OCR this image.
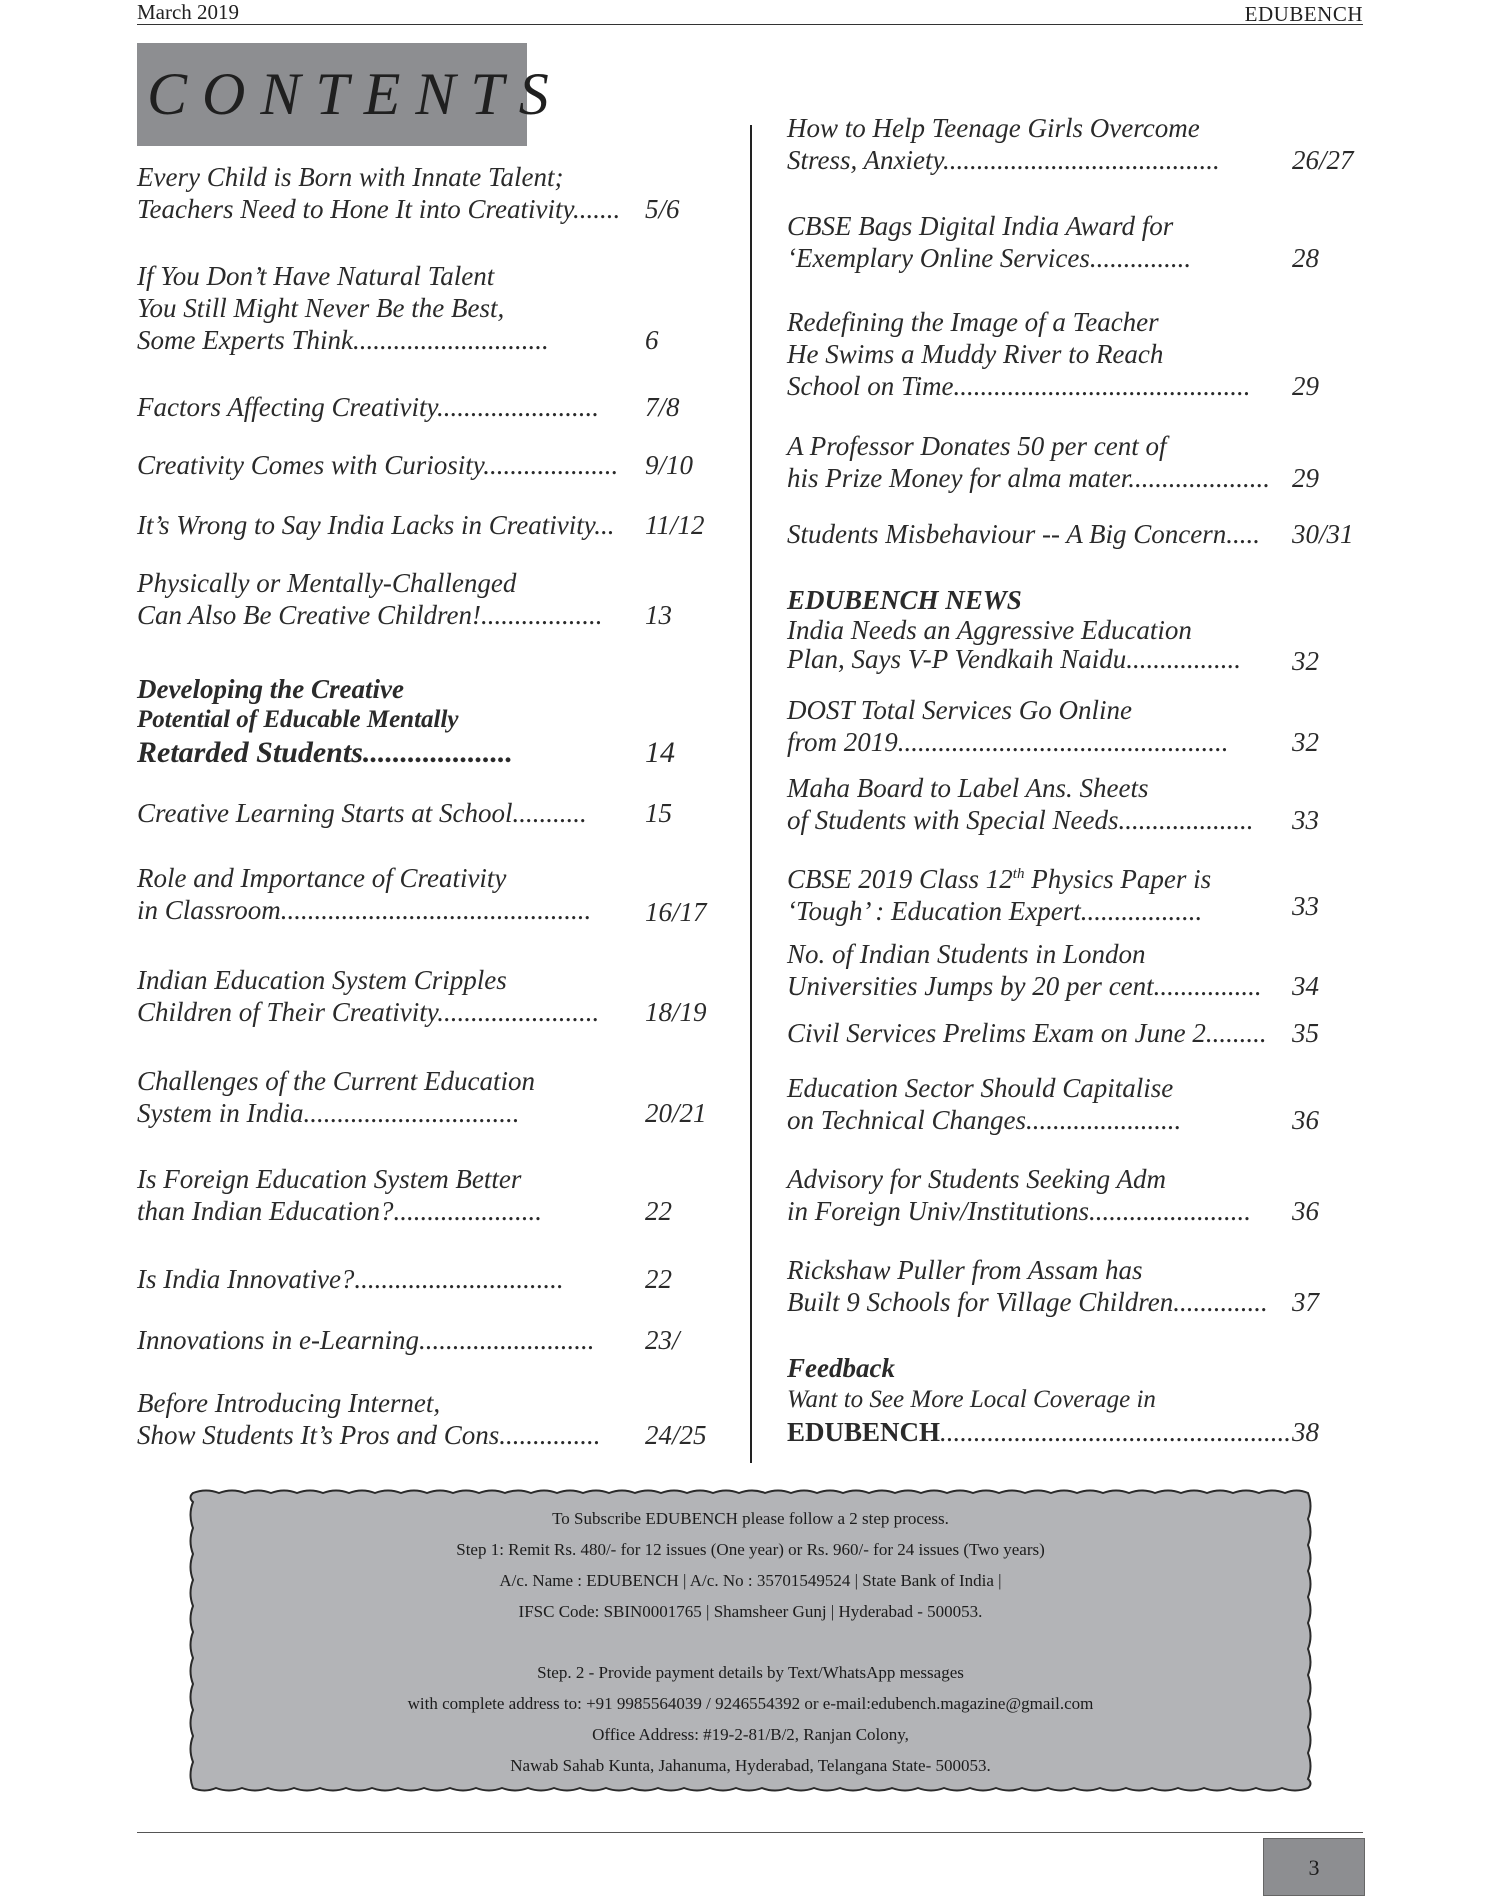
March 2019	EDUBENCH
CONTENTS
Every Child is Born with Innate Talent;
Teachers Need to Hone It into Creativity....... 5/6
If You Don’t Have Natural Talent
You Still Might Never Be the Best,
Some Experts Think.............................	6
Factors Affecting Creativity........................	7/8
Creativity Comes with Curiosity.................... 9/10
It’s Wrong to Say India Lacks in Creativity...	11/12
Physically or Mentally-Challenged
Can Also Be Creative Children!..................	13
Developing the Creative
Potential of Educable Mentally
Retarded Students....................	14
Creative Learning Starts at School...........	15
Role and Importance of Creativity
in Classroom..............................................	16/17
Indian Education System Cripples
Children of Their Creativity........................	18/19
Challenges of the Current Education
System in India................................	20/21
Is Foreign Education System Better
than Indian Education?......................	22
Is India Innovative?...............................	22
Innovations in e-Learning..........................	23/
Before Introducing Internet,
Show Students It’s Pros and Cons...............	24/25
How to Help Teenage Girls Overcome
Stress, Anxiety.........................................	26/27
CBSE Bags Digital India Award for
‘Exemplary Online Services...............	28
Redefining the Image of a Teacher
He Swims a Muddy River to Reach
School on Time............................................	29
A Professor Donates 50 per cent of
his Prize Money for alma mater..................... 29
Students Misbehaviour -- A Big Concern.....	30/31
EDUBENCH NEWS
India Needs an Aggressive Education
Plan, Says V-P Vendkaih Naidu.................	32
DOST Total Services Go Online
from 2019.................................................	32
Maha Board to Label Ans. Sheets
of Students with Special Needs....................	33
CBSE 2019 Class 12th Physics Paper is
‘Tough’ : Education Expert..................	33
No. of Indian Students in London
Universities Jumps by 20 per cent................	34
Civil Services Prelims Exam on June 2......... 35
Education Sector Should Capitalise
on Technical Changes.......................	36
Advisory for Students Seeking Adm
in Foreign Univ/Institutions........................	36
Rickshaw Puller from Assam has
Built 9 Schools for Village Children.............. 37
Feedback
Want to See More Local Coverage in
EDUBENCH.................................................... 38
To Subscribe EDUBENCH please follow a 2 step process.
Step 1: Remit Rs. 480/- for 12 issues (One year) or Rs. 960/- for 24 issues (Two years)
A/c. Name : EDUBENCH | A/c. No : 35701549524 | State Bank of India |
IFSC Code: SBIN0001765 | Shamsheer Gunj | Hyderabad - 500053.
Step. 2 - Provide payment details by Text/WhatsApp messages
with complete address to: +91 9985564039 / 9246554392 or e-mail:edubench.magazine@gmail.com
Office Address: #19-2-81/B/2, Ranjan Colony,
Nawab Sahab Kunta, Jahanuma, Hyderabad, Telangana State- 500053.
3
